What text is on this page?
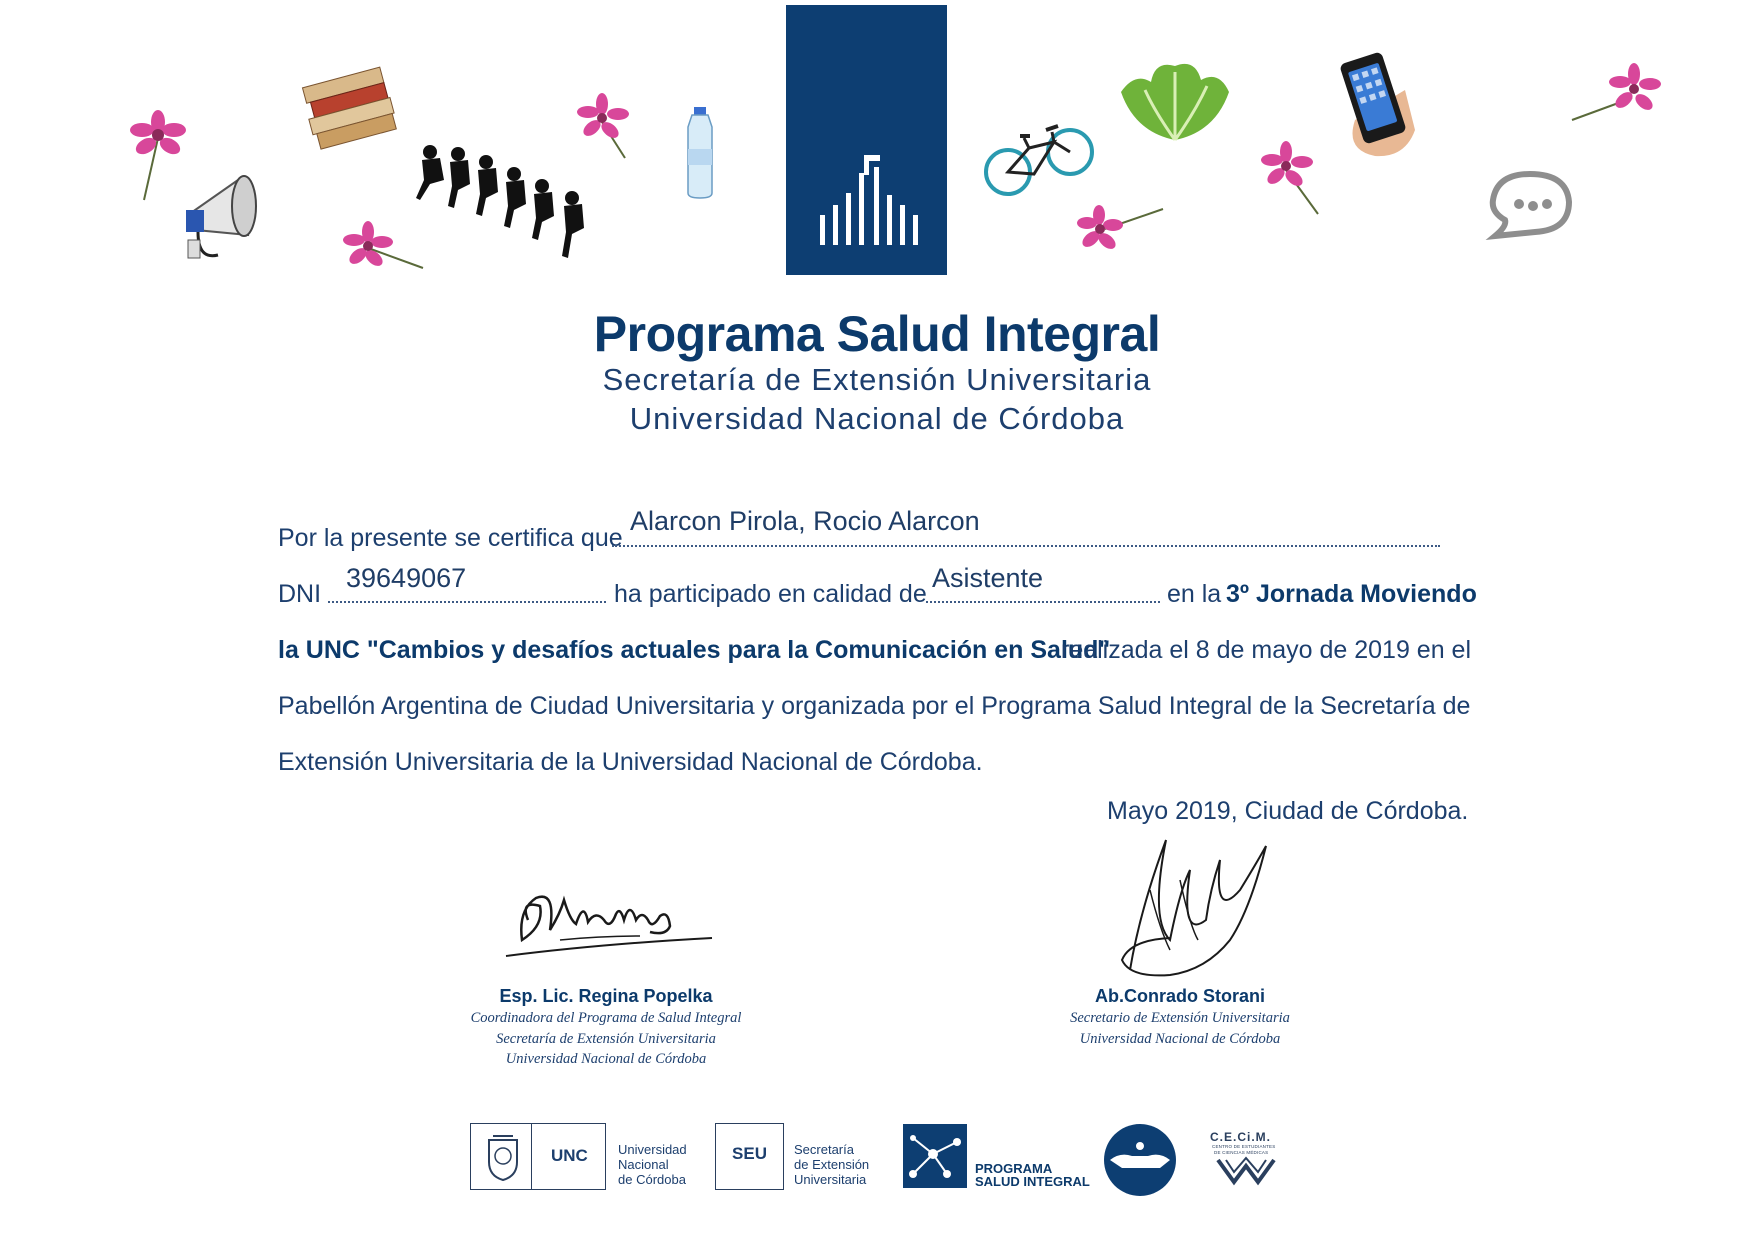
Programa Salud Integral
Secretaría de Extensión Universitaria
Universidad Nacional de Córdoba
Por la presente se certifica que
Alarcon Pirola, Rocio Alarcon
DNI
39649067
ha participado en calidad de
Asistente
en la 3º Jornada Moviendo
la UNC "Cambios y desafíos actuales para la Comunicación en Salud"
realizada el 8 de mayo de 2019 en el
Pabellón Argentina de Ciudad Universitaria y organizada por el Programa Salud Integral de la Secretaría de
Extensión Universitaria de la Universidad Nacional de Córdoba.
Mayo 2019, Ciudad de Córdoba.
Esp. Lic. Regina Popelka
Coordinadora del Programa de Salud Integral
Secretaría de Extensión Universitaria
Universidad Nacional de Córdoba
Ab.Conrado Storani
Secretario de Extensión Universitaria
Universidad Nacional de Córdoba
UNC Universidad
Nacional
de Córdoba
SEU	Secretaría
de Extensión
Universitaria
PROGRAMA
SALUD INTEGRAL
C.E.Ci.M.
CENTRO DE ESTUDIANTES
DE CIENCIAS MÉDICAS
